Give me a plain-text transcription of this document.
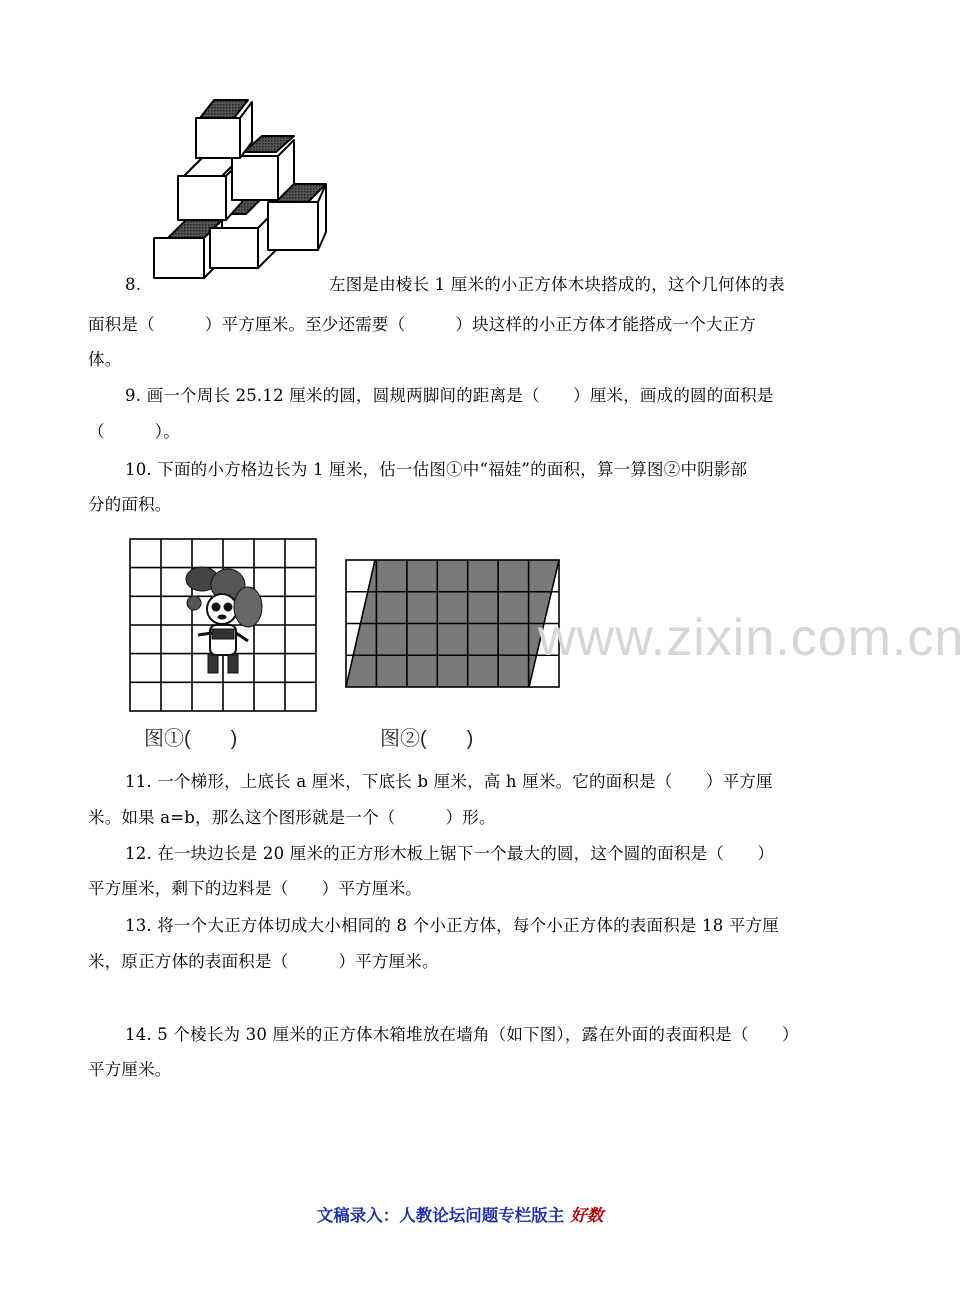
8.	左图是由棱长 1 厘米的小正方体木块搭成的，这个几何体的表
面积是（　　　）平方厘米。至少还需要（　　　）块这样的小正方体才能搭成一个大正方
体。
9. 画一个周长 25.12 厘米的圆，圆规两脚间的距离是（　　）厘米，画成的圆的面积是
（　　　）。
10. 下面的小方格边长为 1 厘米，估一估图①中“福娃”的面积，算一算图②中阴影部
分的面积。
图①(　　)	图②(　　)
www.zixin.com.cn
11. 一个梯形，上底长 a 厘米，下底长 b 厘米，高 h 厘米。它的面积是（　　）平方厘
米。如果 a=b，那么这个图形就是一个（　　　）形。
12. 在一块边长是 20 厘米的正方形木板上锯下一个最大的圆，这个圆的面积是（　　）
平方厘米，剩下的边料是（　　）平方厘米。
13. 将一个大正方体切成大小相同的 8 个小正方体，每个小正方体的表面积是 18 平方厘
米，原正方体的表面积是（　　　）平方厘米。
14. 5 个棱长为 30 厘米的正方体木箱堆放在墙角（如下图），露在外面的表面积是（　　）
平方厘米。
文稿录入：人教论坛问题专栏版主 好数
